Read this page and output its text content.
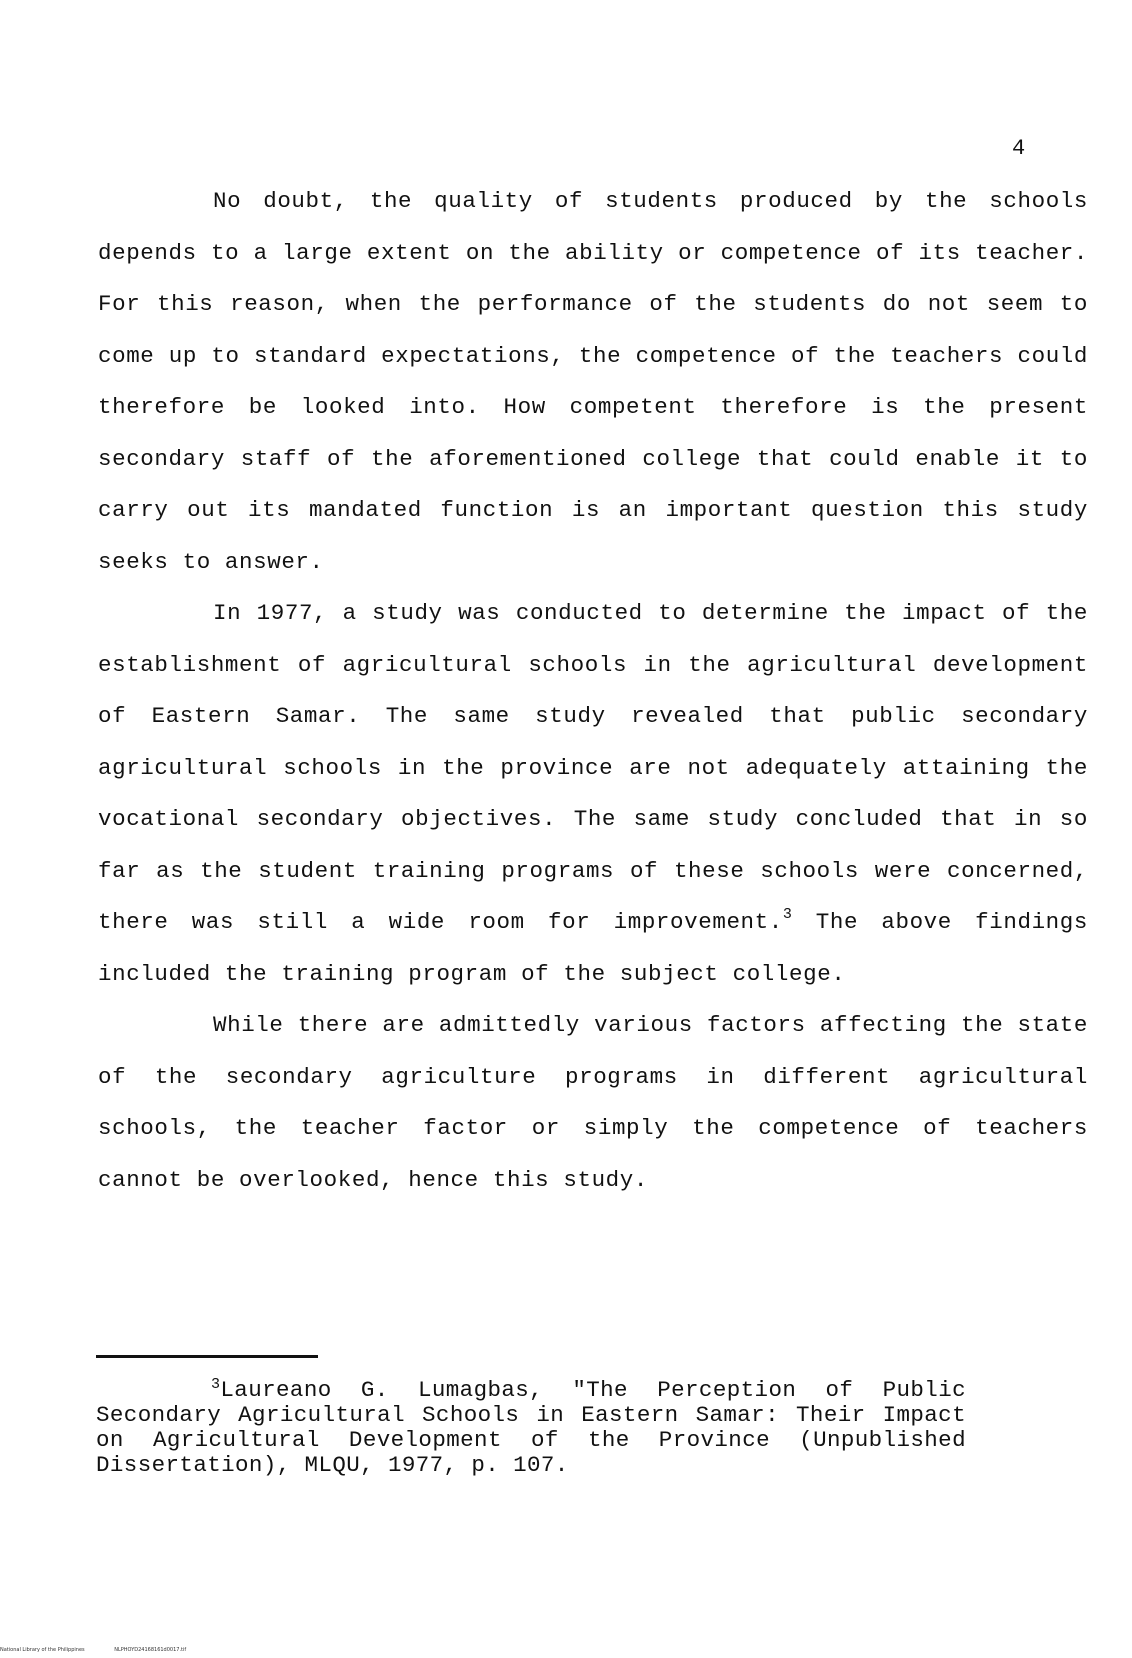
4

No doubt, the quality of students produced by the schools depends to a large extent on the ability or competence of its teacher. For this reason, when the performance of the students do not seem to come up to standard expectations, the competence of the teachers could therefore be looked into. How competent therefore is the present secondary staff of the aforementioned college that could enable it to carry out its mandated function is an important question this study seeks to answer.

In 1977, a study was conducted to determine the impact of the establishment of agricultural schools in the agricultural development of Eastern Samar. The same study revealed that public secondary agricultural schools in the province are not adequately attaining the vocational secondary objectives. The same study concluded that in so far as the student training programs of these schools were concerned, there was still a wide room for improvement.$^3$ The above findings included the training program of the subject college.

While there are admittedly various factors affecting the state of the secondary agriculture programs in different agricultural schools, the teacher factor or simply the competence of teachers cannot be overlooked, hence this study.

$^3$Laureano G. Lumagbas, "The Perception of Public Secondary Agricultural Schools in Eastern Samar: Their Impact on Agricultural Development of the Province (Unpublished Dissertation), MLQU, 1977, p. 107.
National Library of the Philippines	NLPHOYD24168161d0017.tif
